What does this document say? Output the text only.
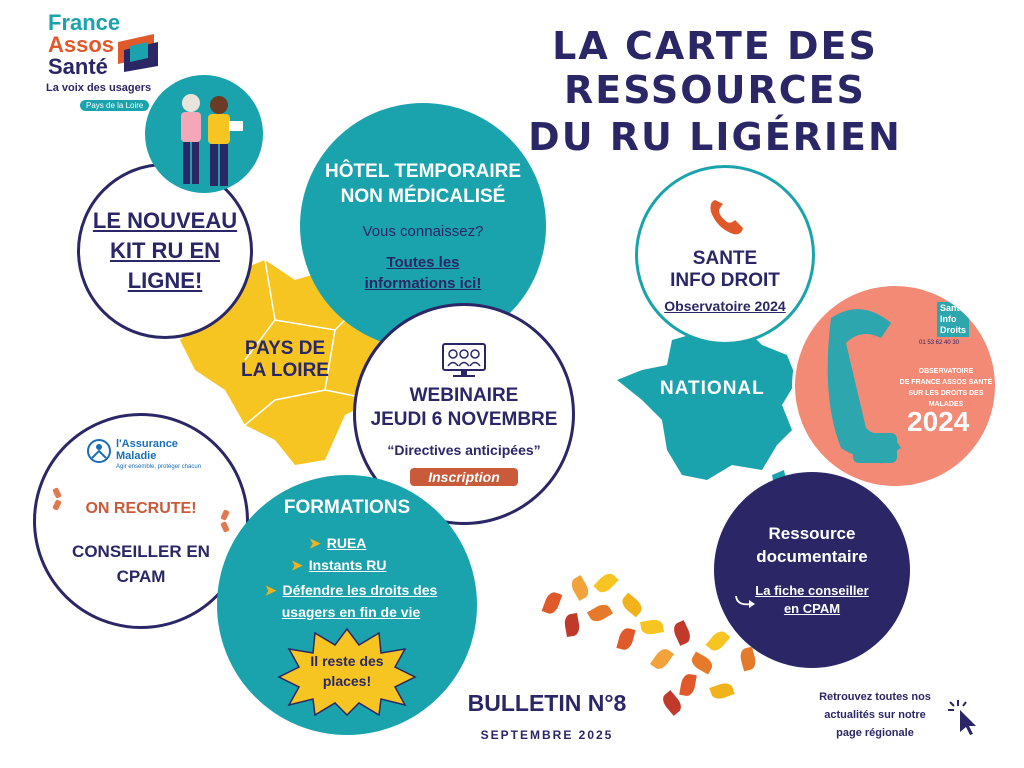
France
Assos
Santé
La voix des usagers
Pays de la Loire
LA CARTE DES RESSOURCES
DU RU LIGÉRIEN
PAYS DE
LA LOIRE
LE NOUVEAU
KIT RU EN
LIGNE!
HÔTEL TEMPORAIRE
NON MÉDICALISÉ
Vous connaissez?
Toutes les
informations ici!
WEBINAIRE
JEUDI 6 NOVEMBRE
“Directives anticipées”
Inscription
l'Assurance
Maladie
Agir ensemble, protéger chacun
ON RECRUTE!
CONSEILLER EN
CPAM
FORMATIONS
➤ RUEA
➤ Instants RU
➤ Défendre les droits des
usagers en fin de vie
Il reste des
places!
NATIONAL
SANTE
INFO DROIT
Observatoire 2024	Santé
Info
Droits
01 53 62 40 30
OBSERVATOIRE
DE FRANCE ASSOS SANTÉ
SUR LES DROITS DES MALADES
2024
Ressource
documentaire
La fiche conseiller
en CPAM
BULLETIN N°8
SEPTEMBRE 2025
Retrouvez toutes nos
actualités sur notre
page régionale
